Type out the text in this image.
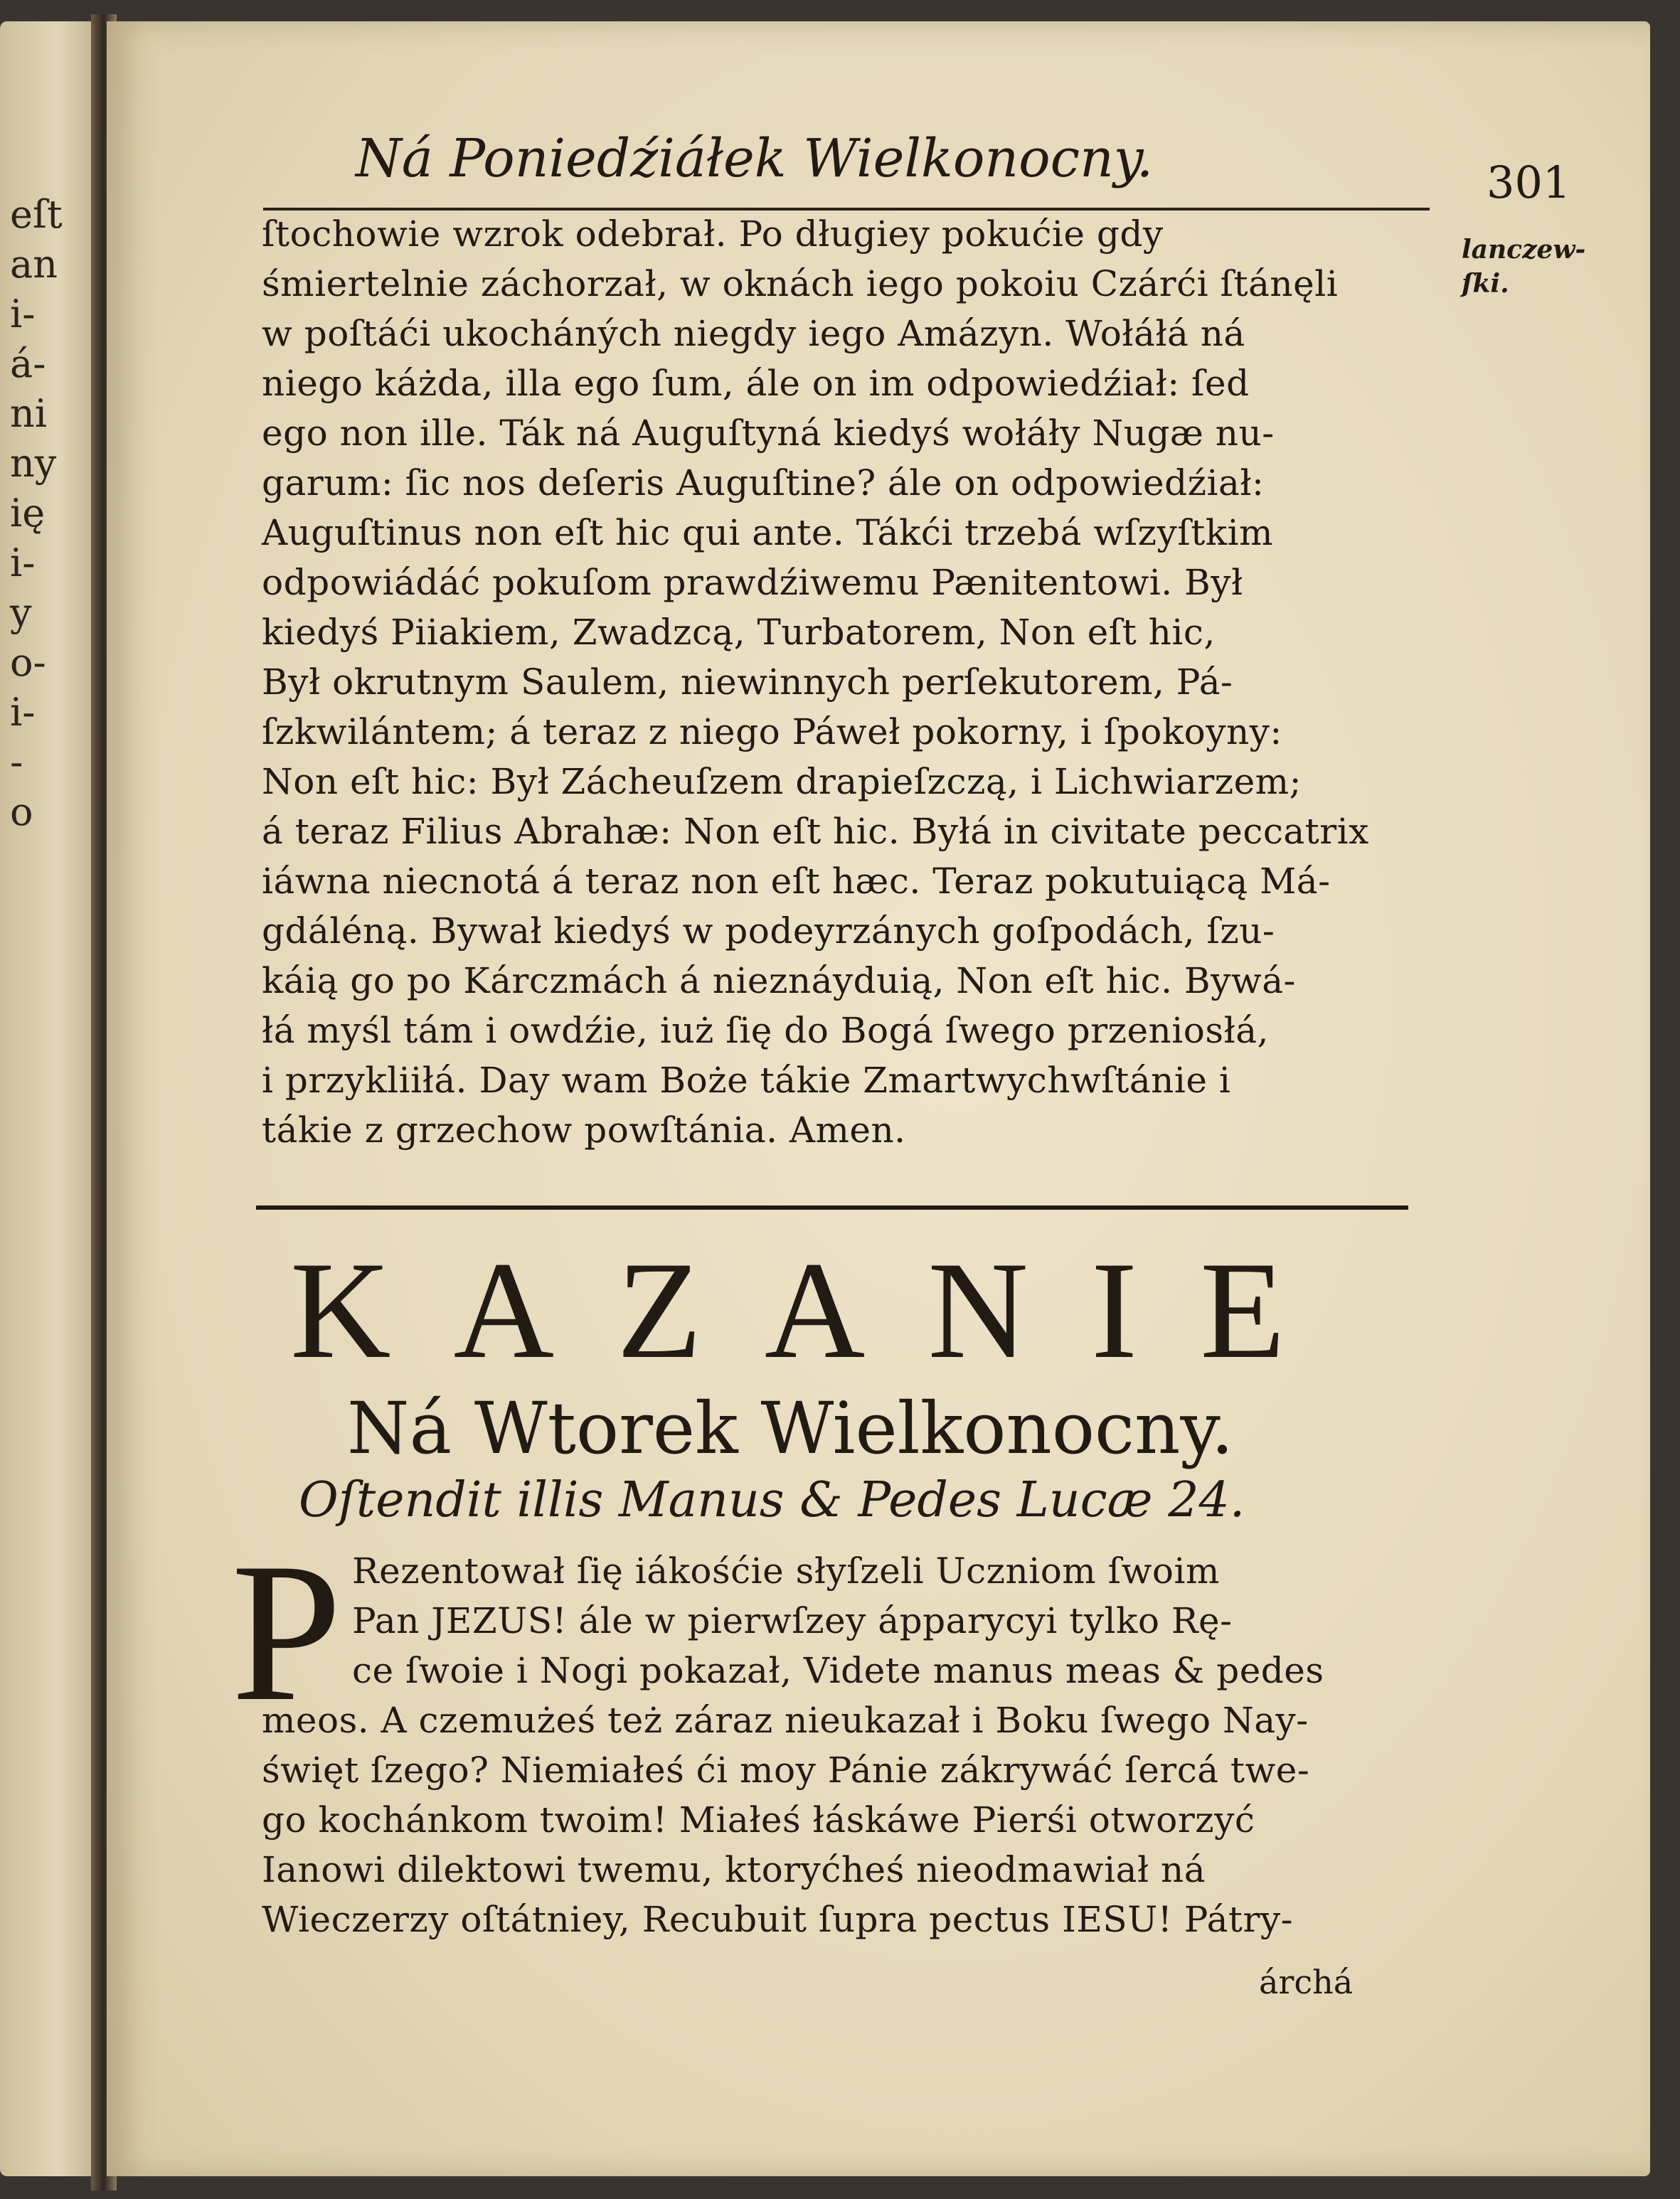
eſt
an
i-
á-
ni
ny
ię
i-
y
o-
i-
-
o
Ná Poniedźiáłek Wielkonocny.	301
lanczew-
ſki.
ſtochowie wzrok odebrał. Po długiey pokućie gdy
śmiertelnie záchorzał, w oknách iego pokoiu Czárći ſtánęli
w poſtáći ukocháných niegdy iego Amázyn. Wołáłá ná
niego káżda, illa ego ſum, ále on im odpowiedźiał: ſed
ego non ille. Ták ná Auguſtyná kiedyś wołáły Nugæ nu-
garum: ſic nos deſeris Auguſtine? ále on odpowiedźiał:
Auguſtinus non eſt hic qui ante. Tákći trzebá wſzyſtkim
odpowiádáć pokuſom prawdźiwemu Pænitentowi. Był
kiedyś Piiakiem, Zwadzcą, Turbatorem, Non eſt hic,
Był okrutnym Saulem, niewinnych perſekutorem, Pá-
ſzkwilántem; á teraz z niego Páweł pokorny, i ſpokoyny:
Non eſt hic: Był Zácheuſzem drapieſzczą, i Lichwiarzem;
á teraz Filius Abrahæ: Non eſt hic. Byłá in civitate peccatrix
iáwna niecnotá á teraz non eſt hæc. Teraz pokutuiącą Má-
gdáléną. Bywał kiedyś w podeyrzánych goſpodách, ſzu-
káią go po Kárczmách á nieznáyduią, Non eſt hic. Bywá-
łá myśl tám i owdźie, iuż ſię do Bogá ſwego przeniosłá,
i przykliiłá. Day wam Boże tákie Zmartwychwſtánie i
tákie z grzechow powſtánia. Amen.
KAZANIE
Ná Wtorek Wielkonocny.
Oſtendit illis Manus & Pedes Lucæ 24.
P Rezentował ſię iákośćie słyſzeli Uczniom ſwoim
Pan JEZUS! ále w pierwſzey ápparycyi tylko Rę-
ce ſwoie i Nogi pokazał, Videte manus meas & pedes
meos. A czemużeś też záraz nieukazał i Boku ſwego Nay-
święt ſzego? Niemiałeś ći moy Pánie zákrywáć ſercá twe-
go kochánkom twoim! Miałeś łáskáwe Pierśi otworzyć
Ianowi dilektowi twemu, ktoryćheś nieodmawiał ná
Wieczerzy oſtátniey, Recubuit ſupra pectus IESU! Pátry-
árchá
